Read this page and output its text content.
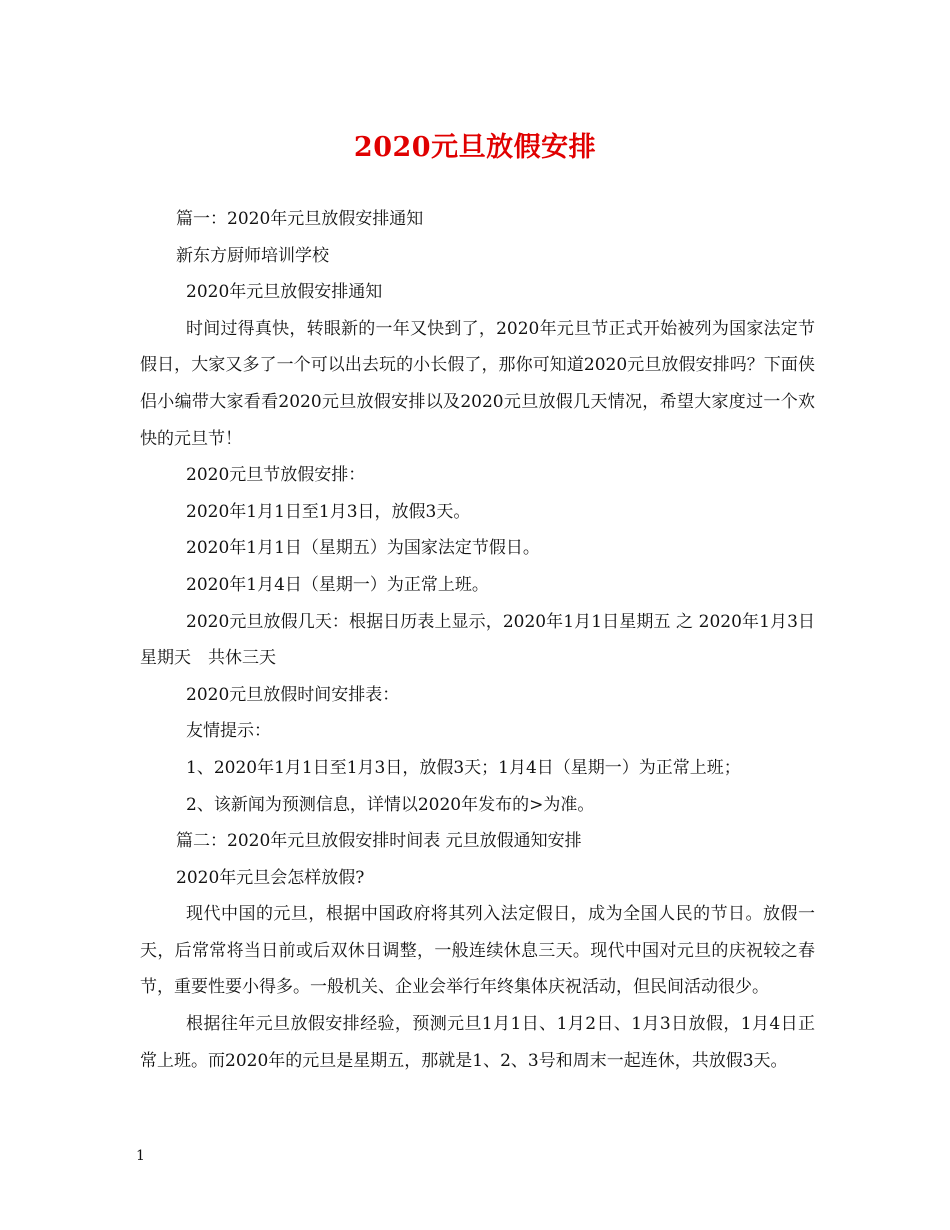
2020元旦放假安排

篇一：2020年元旦放假安排通知

新东方厨师培训学校

2020年元旦放假安排通知

时间过得真快，转眼新的一年又快到了，2020年元旦节正式开始被列为国家法定节假日，大家又多了一个可以出去玩的小长假了，那你可知道2020元旦放假安排吗？下面侠侣小编带大家看看2020元旦放假安排以及2020元旦放假几天情况，希望大家度过一个欢快的元旦节！

2020元旦节放假安排：

2020年1月1日至1月3日，放假3天。

2020年1月1日（星期五）为国家法定节假日。

2020年1月4日（星期一）为正常上班。

2020元旦放假几天：根据日历表上显示，2020年1月1日星期五 之 2020年1月3日星期天　共休三天

2020元旦放假时间安排表：

友情提示：

1、2020年1月1日至1月3日，放假3天；1月4日（星期一）为正常上班；

2、该新闻为预测信息，详情以2020年发布的>为准。

篇二：2020年元旦放假安排时间表 元旦放假通知安排

2020年元旦会怎样放假?

现代中国的元旦，根据中国政府将其列入法定假日，成为全国人民的节日。放假一天，后常常将当日前或后双休日调整，一般连续休息三天。现代中国对元旦的庆祝较之春节，重要性要小得多。一般机关、企业会举行年终集体庆祝活动，但民间活动很少。

根据往年元旦放假安排经验，预测元旦1月1日、1月2日、1月3日放假，1月4日正常上班。而2020年的元旦是星期五，那就是1、2、3号和周末一起连休，共放假3天。

1
